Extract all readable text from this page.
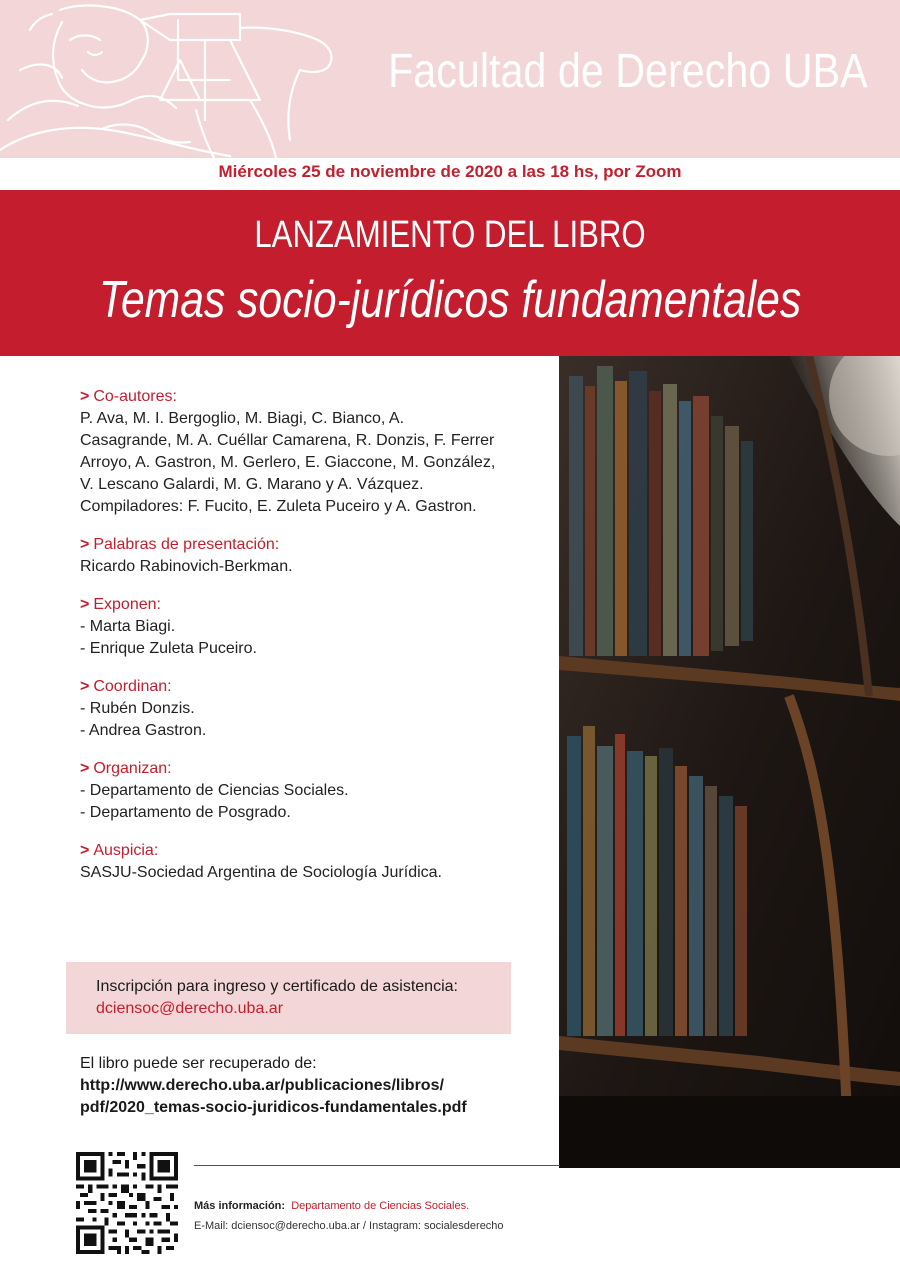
Facultad de Derecho UBA
Miércoles 25 de noviembre de 2020 a las 18 hs, por Zoom
LANZAMIENTO DEL LIBRO
Temas socio-jurídicos fundamentales
> Co-autores:

P. Ava, M. I. Bergoglio, M. Biagi, C. Bianco, A.

Casagrande, M. A. Cuéllar Camarena, R. Donzis, F. Ferrer

Arroyo, A. Gastron, M. Gerlero, E. Giaccone, M. González,

V. Lescano Galardi, M. G. Marano y A. Vázquez.

Compiladores: F. Fucito, E. Zuleta Puceiro y A. Gastron.

> Palabras de presentación:

Ricardo Rabinovich-Berkman.

> Exponen:

- Marta Biagi.

- Enrique Zuleta Puceiro.

> Coordinan:

- Rubén Donzis.

- Andrea Gastron.

> Organizan:

- Departamento de Ciencias Sociales.

- Departamento de Posgrado.

> Auspicia:

SASJU-Sociedad Argentina de Sociología Jurídica.

Inscripción para ingreso y certificado de asistencia:

dciensoc@derecho.uba.ar

El libro puede ser recuperado de:

http://www.derecho.uba.ar/publicaciones/libros/

pdf/2020_temas-socio-juridicos-fundamentales.pdf

Más información: Departamento de Ciencias Sociales.

E-Mail: dciensoc@derecho.uba.ar / Instagram: socialesderecho
